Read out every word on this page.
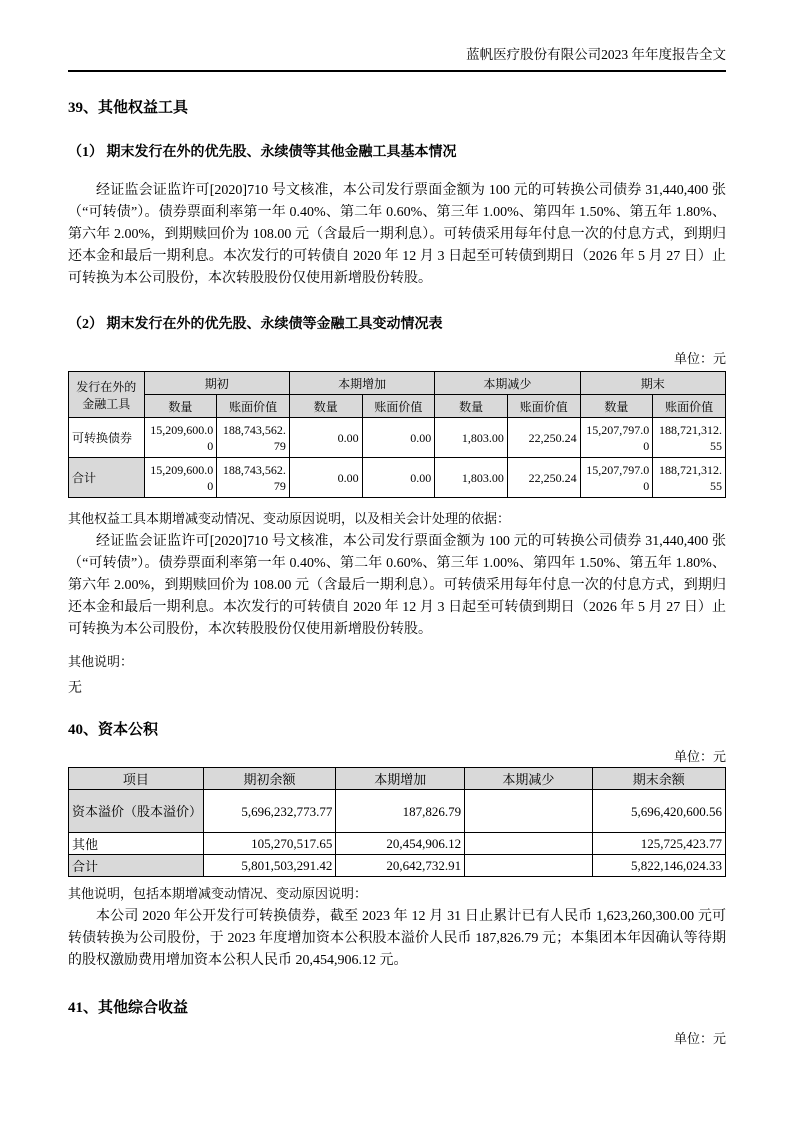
蓝帆医疗股份有限公司2023 年年度报告全文
39、其他权益工具
（1） 期末发行在外的优先股、永续债等其他金融工具基本情况
经证监会证监许可[2020]710 号文核准，本公司发行票面金额为 100 元的可转换公司债券 31,440,400 张（“可转债”）。债券票面利率第一年 0.40%、第二年 0.60%、第三年 1.00%、第四年 1.50%、第五年 1.80%、第六年 2.00%，到期赎回价为 108.00 元（含最后一期利息）。可转债采用每年付息一次的付息方式，到期归还本金和最后一期利息。本次发行的可转债自 2020 年 12 月 3 日起至可转债到期日（2026 年 5 月 27 日）止可转换为本公司股份，本次转股股份仅使用新增股份转股。
（2） 期末发行在外的优先股、永续债等金融工具变动情况表
单位：元
发行在外的金融工具	期初		本期增加		本期减少		期末	
	数量	账面价值	数量	账面价值	数量	账面价值	数量	账面价值
可转换债券	15,209,600.00	188,743,562.79	0.00	0.00	1,803.00	22,250.24	15,207,797.00	188,721,312.55
合计	15,209,600.00	188,743,562.79	0.00	0.00	1,803.00	22,250.24	15,207,797.00	188,721,312.55
其他权益工具本期增减变动情况、变动原因说明，以及相关会计处理的依据：
经证监会证监许可[2020]710 号文核准，本公司发行票面金额为 100 元的可转换公司债券 31,440,400 张（“可转债”）。债券票面利率第一年 0.40%、第二年 0.60%、第三年 1.00%、第四年 1.50%、第五年 1.80%、第六年 2.00%，到期赎回价为 108.00 元（含最后一期利息）。可转债采用每年付息一次的付息方式，到期归还本金和最后一期利息。本次发行的可转债自 2020 年 12 月 3 日起至可转债到期日（2026 年 5 月 27 日）止可转换为本公司股份，本次转股股份仅使用新增股份转股。
其他说明：
无
40、资本公积
单位：元
项目	期初余额	本期增加	本期减少	期末余额
资本溢价（股本溢价）	5,696,232,773.77	187,826.79		5,696,420,600.56
其他	105,270,517.65	20,454,906.12		125,725,423.77
合计	5,801,503,291.42	20,642,732.91		5,822,146,024.33
其他说明，包括本期增减变动情况、变动原因说明：
本公司 2020 年公开发行可转换债券，截至 2023 年 12 月 31 日止累计已有人民币 1,623,260,300.00 元可转债转换为公司股份，于 2023 年度增加资本公积股本溢价人民币 187,826.79 元；本集团本年因确认等待期的股权激励费用增加资本公积人民币 20,454,906.12 元。
41、其他综合收益
单位：元
